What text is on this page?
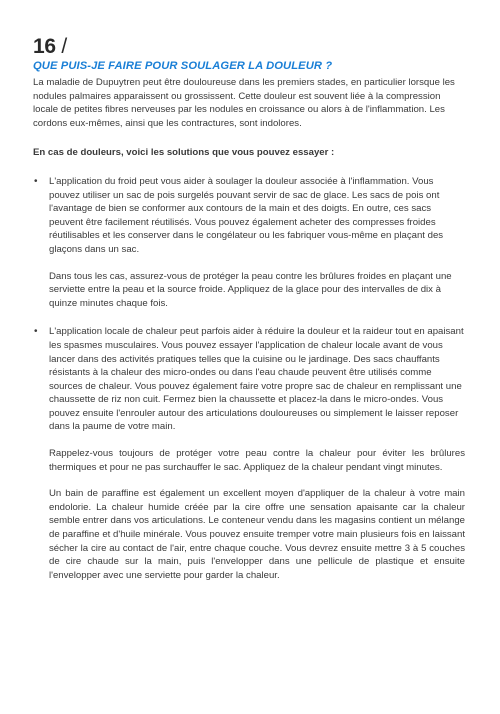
16 /
QUE PUIS-JE FAIRE POUR SOULAGER LA DOULEUR ?

La maladie de Dupuytren peut être douloureuse dans les premiers stades, en particulier lorsque les nodules palmaires apparaissent ou grossissent. Cette douleur est souvent liée à la compression locale de petites fibres nerveuses par les nodules en croissance ou alors à de l'inflammation. Les cordons eux-mêmes, ainsi que les contractures, sont indolores.

En cas de douleurs, voici les solutions que vous pouvez essayer :

• L'application du froid peut vous aider à soulager la douleur associée à l'inflammation. Vous pouvez utiliser un sac de pois surgelés pouvant servir de sac de glace. Les sacs de pois ont l'avantage de bien se conformer aux contours de la main et des doigts. En outre, ces sacs peuvent être facilement réutilisés. Vous pouvez également acheter des compresses froides réutilisables et les conserver dans le congélateur ou les fabriquer vous-même en plaçant des glaçons dans un sac.

Dans tous les cas, assurez-vous de protéger la peau contre les brûlures froides en plaçant une serviette entre la peau et la source froide. Appliquez de la glace pour des intervalles de dix à quinze minutes chaque fois.

• L'application locale de chaleur peut parfois aider à réduire la douleur et la raideur tout en apaisant les spasmes musculaires. Vous pouvez essayer l'application de chaleur locale avant de vous lancer dans des activités pratiques telles que la cuisine ou le jardinage. Des sacs chauffants résistants à la chaleur des micro-ondes ou dans l'eau chaude peuvent être utilisés comme sources de chaleur. Vous pouvez également faire votre propre sac de chaleur en remplissant une chaussette de riz non cuit. Fermez bien la chaussette et placez-la dans le micro-ondes. Vous pouvez ensuite l'enrouler autour des articulations douloureuses ou simplement le laisser reposer dans la paume de votre main.

Rappelez-vous toujours de protéger votre peau contre la chaleur pour éviter les brûlures thermiques et pour ne pas surchauffer le sac. Appliquez de la chaleur pendant vingt minutes.

Un bain de paraffine est également un excellent moyen d'appliquer de la chaleur à votre main endolorie. La chaleur humide créée par la cire offre une sensation apaisante car la chaleur semble entrer dans vos articulations. Le conteneur vendu dans les magasins contient un mélange de paraffine et d'huile minérale. Vous pouvez ensuite tremper votre main plusieurs fois en laissant sécher la cire au contact de l'air, entre chaque couche. Vous devrez ensuite mettre 3 à 5 couches de cire chaude sur la main, puis l'envelopper dans une pellicule de plastique et ensuite l'envelopper avec une serviette pour garder la chaleur.
